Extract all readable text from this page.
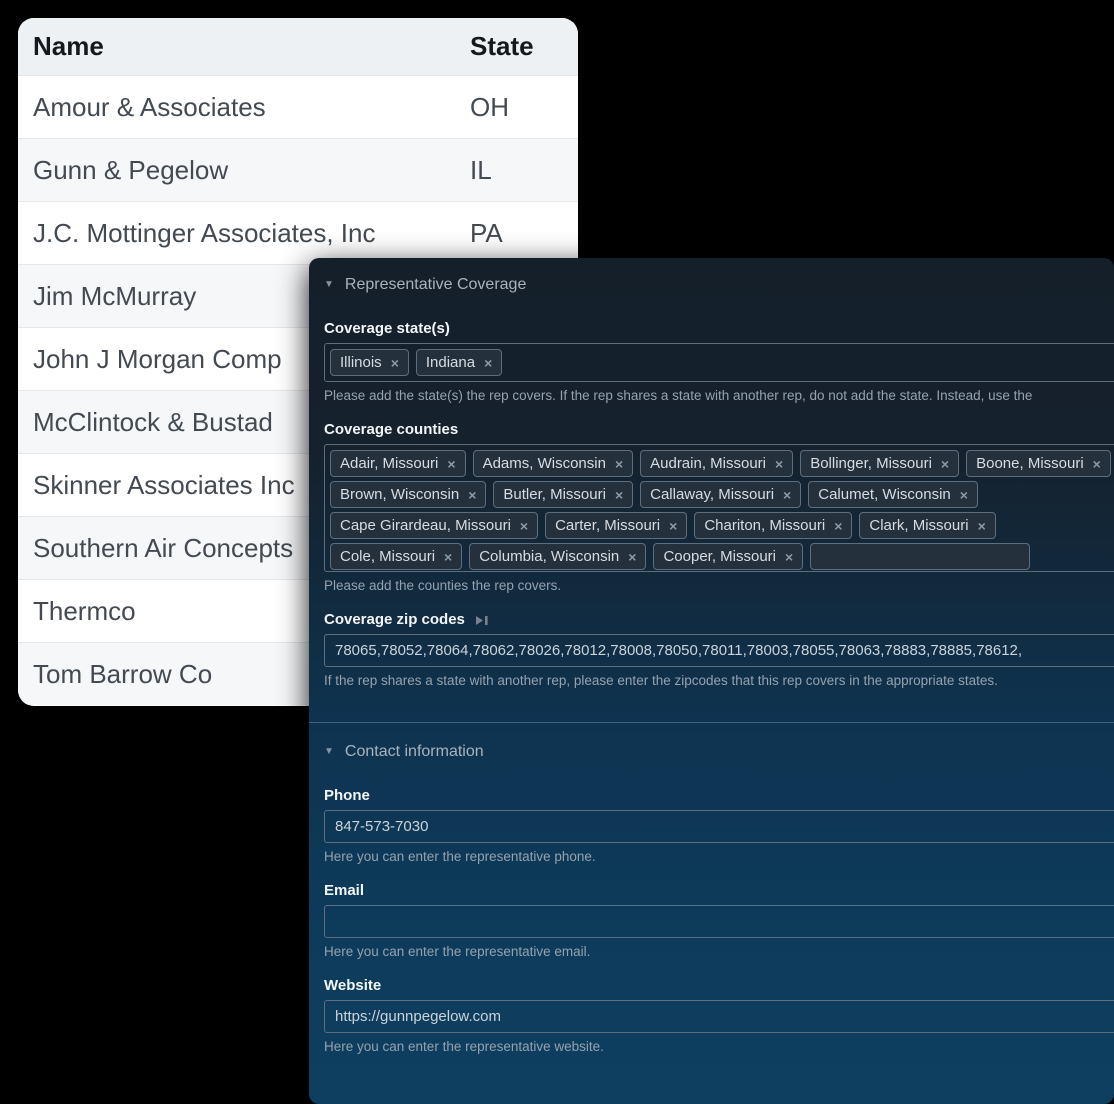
Name	State
Amour & Associates	OH
Gunn & Pegelow	IL
J.C. Mottinger Associates, Inc	PA
Jim McMurray	
John J Morgan Comp	
McClintock & Bustad	
Skinner Associates Inc	
Southern Air Concepts	
Thermco	
Tom Barrow Co	
▼ Representative Coverage
Coverage state(s)
Illinois × Indiana ×
Please add the state(s) the rep covers. If the rep shares a state with another rep, do not add the state. Instead, use the
Coverage counties
Adair, Missouri × Adams, Wisconsin × Audrain, Missouri × Bollinger, Missouri × Boone, Missouri ×
Brown, Wisconsin × Butler, Missouri × Callaway, Missouri × Calumet, Wisconsin ×
Cape Girardeau, Missouri × Carter, Missouri × Chariton, Missouri × Clark, Missouri ×
Cole, Missouri × Columbia, Wisconsin × Cooper, Missouri ×
Please add the counties the rep covers.
Coverage zip codes
78065,78052,78064,78062,78026,78012,78008,78050,78011,78003,78055,78063,78883,78885,78612,
If the rep shares a state with another rep, please enter the zipcodes that this rep covers in the appropriate states.
▼ Contact information
Phone
847-573-7030
Here you can enter the representative phone.
Email
Here you can enter the representative email.
Website
https://gunnpegelow.com
Here you can enter the representative website.
